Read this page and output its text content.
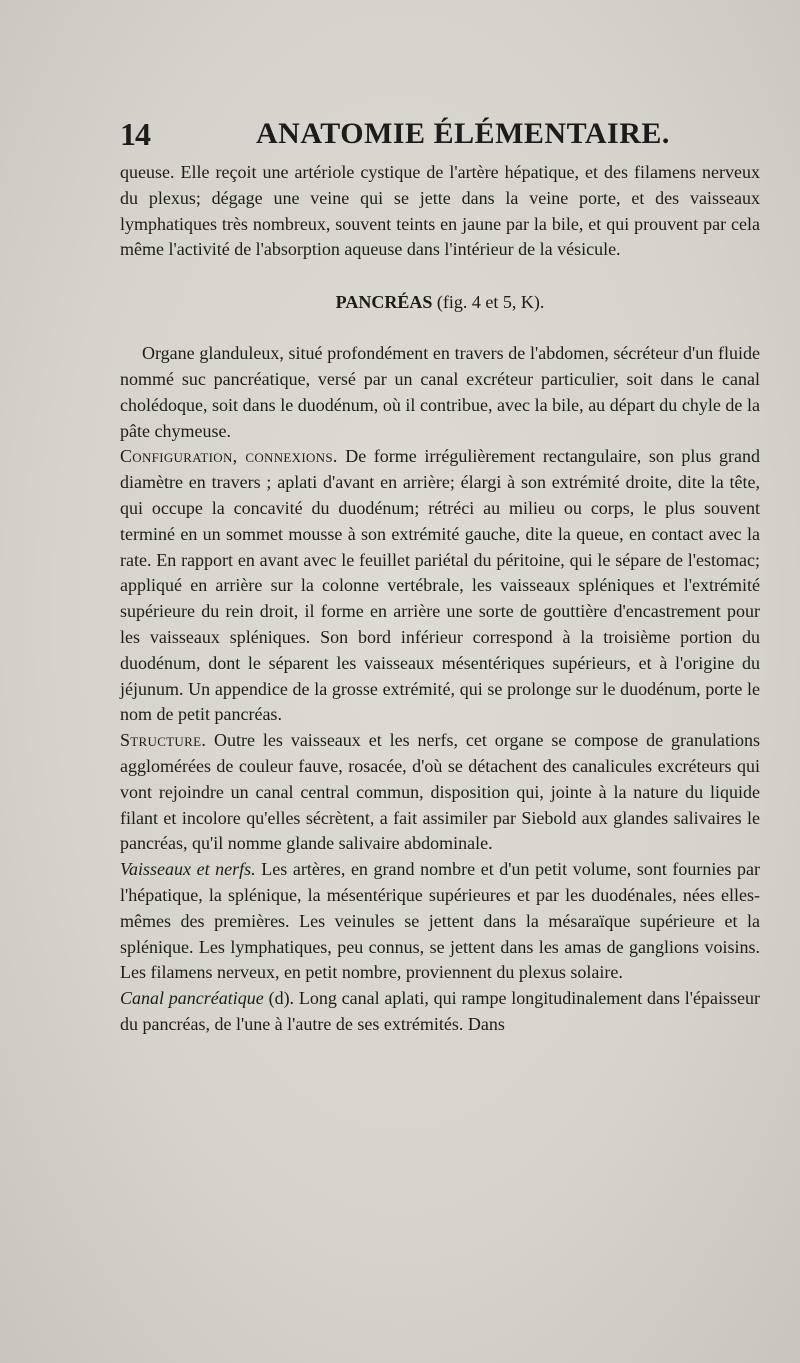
14	ANATOMIE ÉLÉMENTAIRE.

queuse. Elle reçoit une artériole cystique de l'artère hépatique, et des filamens nerveux du plexus; dégage une veine qui se jette dans la veine porte, et des vaisseaux lymphatiques très nombreux, souvent teints en jaune par la bile, et qui prouvent par cela même l'activité de l'absorption aqueuse dans l'intérieur de la vésicule.

PANCRÉAS (fig. 4 et 5, K).

Organe glanduleux, situé profondément en travers de l'abdomen, sécréteur d'un fluide nommé suc pancréatique, versé par un canal excréteur particulier, soit dans le canal cholédoque, soit dans le duodénum, où il contribue, avec la bile, au départ du chyle de la pâte chymeuse.

Configuration, connexions. De forme irrégulièrement rectangulaire, son plus grand diamètre en travers ; aplati d'avant en arrière; élargi à son extrémité droite, dite la tête, qui occupe la concavité du duodénum; rétréci au milieu ou corps, le plus souvent terminé en un sommet mousse à son extrémité gauche, dite la queue, en contact avec la rate. En rapport en avant avec le feuillet pariétal du péritoine, qui le sépare de l'estomac; appliqué en arrière sur la colonne vertébrale, les vaisseaux spléniques et l'extrémité supérieure du rein droit, il forme en arrière une sorte de gouttière d'encastrement pour les vaisseaux spléniques. Son bord inférieur correspond à la troisième portion du duodénum, dont le séparent les vaisseaux mésentériques supérieurs, et à l'origine du jéjunum. Un appendice de la grosse extrémité, qui se prolonge sur le duodénum, porte le nom de petit pancréas.

Structure. Outre les vaisseaux et les nerfs, cet organe se compose de granulations agglomérées de couleur fauve, rosacée, d'où se détachent des canalicules excréteurs qui vont rejoindre un canal central commun, disposition qui, jointe à la nature du liquide filant et incolore qu'elles sécrètent, a fait assimiler par Siebold aux glandes salivaires le pancréas, qu'il nomme glande salivaire abdominale.

Vaisseaux et nerfs. Les artères, en grand nombre et d'un petit volume, sont fournies par l'hépatique, la splénique, la mésentérique supérieures et par les duodénales, nées elles-mêmes des premières. Les veinules se jettent dans la mésaraïque supérieure et la splénique. Les lymphatiques, peu connus, se jettent dans les amas de ganglions voisins. Les filamens nerveux, en petit nombre, proviennent du plexus solaire.

Canal pancréatique (d). Long canal aplati, qui rampe longitudinalement dans l'épaisseur du pancréas, de l'une à l'autre de ses extrémités. Dans
